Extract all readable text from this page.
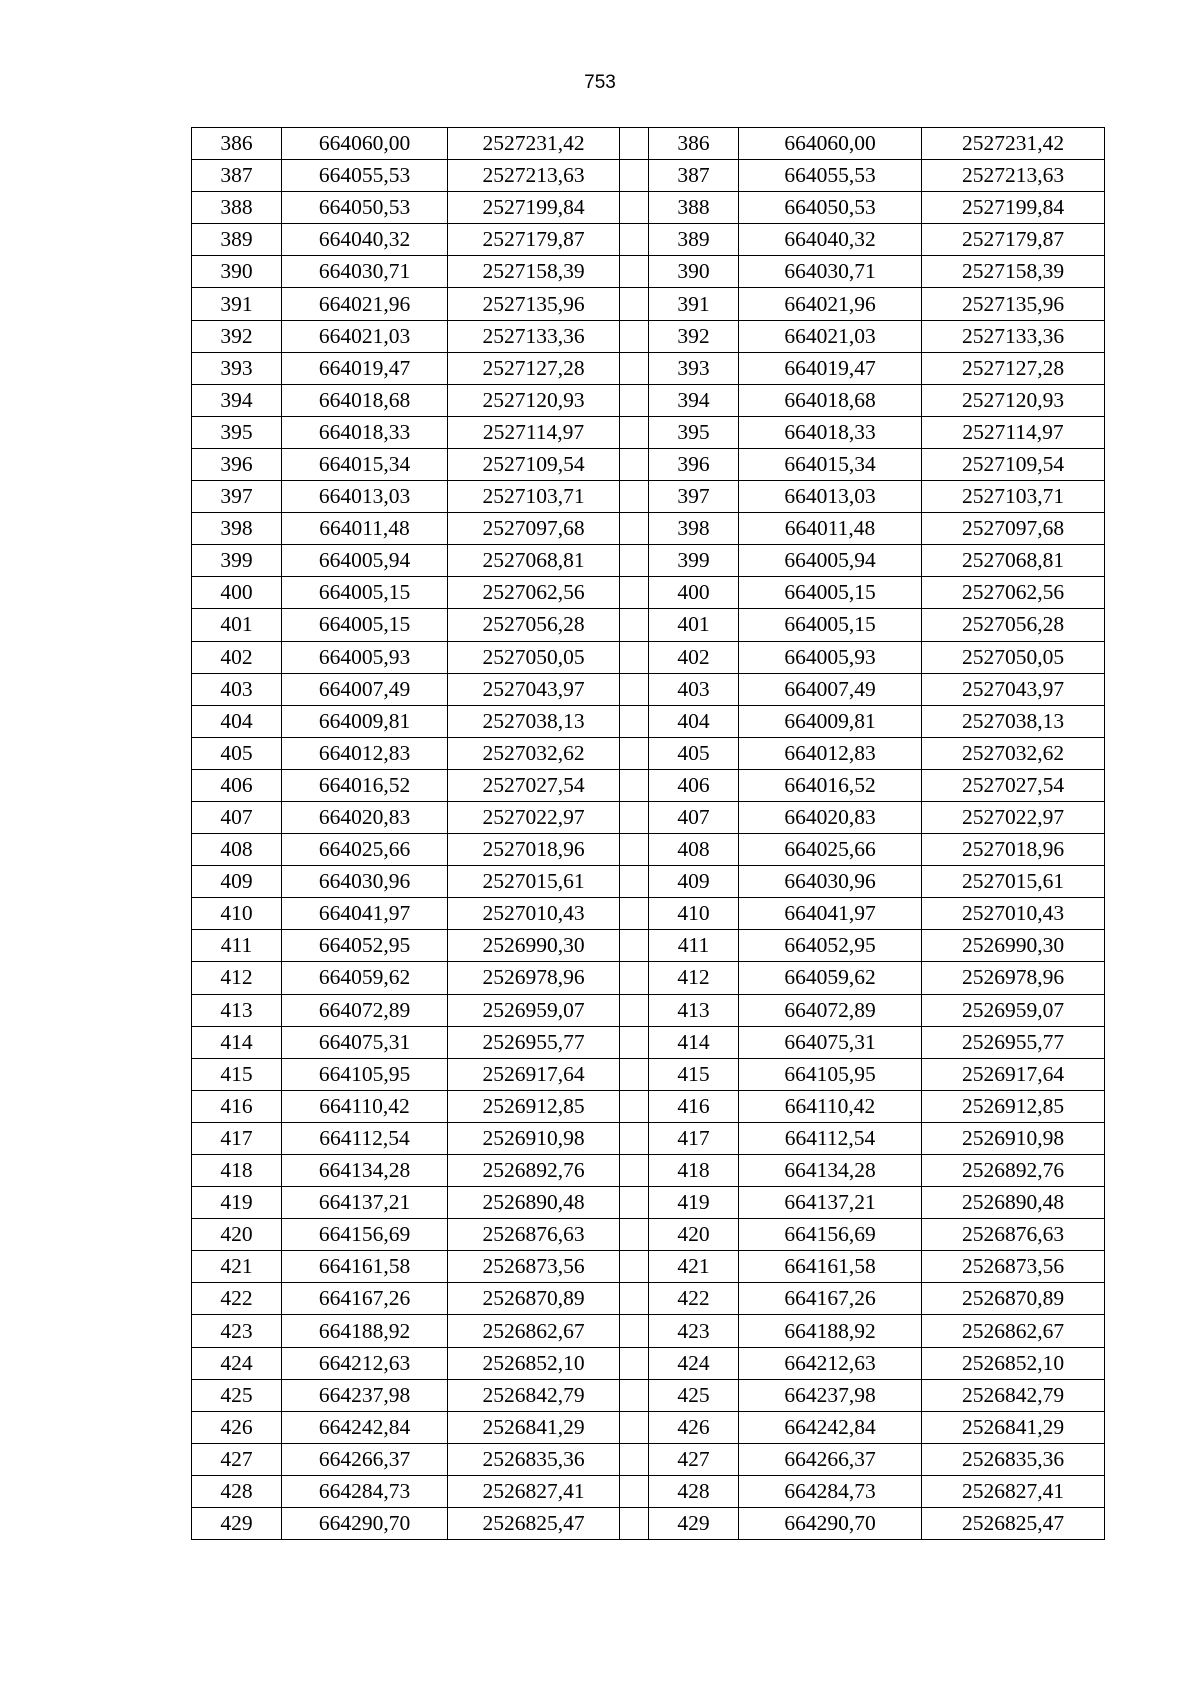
753
386	664060,00	2527231,42		386	664060,00	2527231,42
387	664055,53	2527213,63		387	664055,53	2527213,63
388	664050,53	2527199,84		388	664050,53	2527199,84
389	664040,32	2527179,87		389	664040,32	2527179,87
390	664030,71	2527158,39		390	664030,71	2527158,39
391	664021,96	2527135,96		391	664021,96	2527135,96
392	664021,03	2527133,36		392	664021,03	2527133,36
393	664019,47	2527127,28		393	664019,47	2527127,28
394	664018,68	2527120,93		394	664018,68	2527120,93
395	664018,33	2527114,97		395	664018,33	2527114,97
396	664015,34	2527109,54		396	664015,34	2527109,54
397	664013,03	2527103,71		397	664013,03	2527103,71
398	664011,48	2527097,68		398	664011,48	2527097,68
399	664005,94	2527068,81		399	664005,94	2527068,81
400	664005,15	2527062,56		400	664005,15	2527062,56
401	664005,15	2527056,28		401	664005,15	2527056,28
402	664005,93	2527050,05		402	664005,93	2527050,05
403	664007,49	2527043,97		403	664007,49	2527043,97
404	664009,81	2527038,13		404	664009,81	2527038,13
405	664012,83	2527032,62		405	664012,83	2527032,62
406	664016,52	2527027,54		406	664016,52	2527027,54
407	664020,83	2527022,97		407	664020,83	2527022,97
408	664025,66	2527018,96		408	664025,66	2527018,96
409	664030,96	2527015,61		409	664030,96	2527015,61
410	664041,97	2527010,43		410	664041,97	2527010,43
411	664052,95	2526990,30		411	664052,95	2526990,30
412	664059,62	2526978,96		412	664059,62	2526978,96
413	664072,89	2526959,07		413	664072,89	2526959,07
414	664075,31	2526955,77		414	664075,31	2526955,77
415	664105,95	2526917,64		415	664105,95	2526917,64
416	664110,42	2526912,85		416	664110,42	2526912,85
417	664112,54	2526910,98		417	664112,54	2526910,98
418	664134,28	2526892,76		418	664134,28	2526892,76
419	664137,21	2526890,48		419	664137,21	2526890,48
420	664156,69	2526876,63		420	664156,69	2526876,63
421	664161,58	2526873,56		421	664161,58	2526873,56
422	664167,26	2526870,89		422	664167,26	2526870,89
423	664188,92	2526862,67		423	664188,92	2526862,67
424	664212,63	2526852,10		424	664212,63	2526852,10
425	664237,98	2526842,79		425	664237,98	2526842,79
426	664242,84	2526841,29		426	664242,84	2526841,29
427	664266,37	2526835,36		427	664266,37	2526835,36
428	664284,73	2526827,41		428	664284,73	2526827,41
429	664290,70	2526825,47		429	664290,70	2526825,47
